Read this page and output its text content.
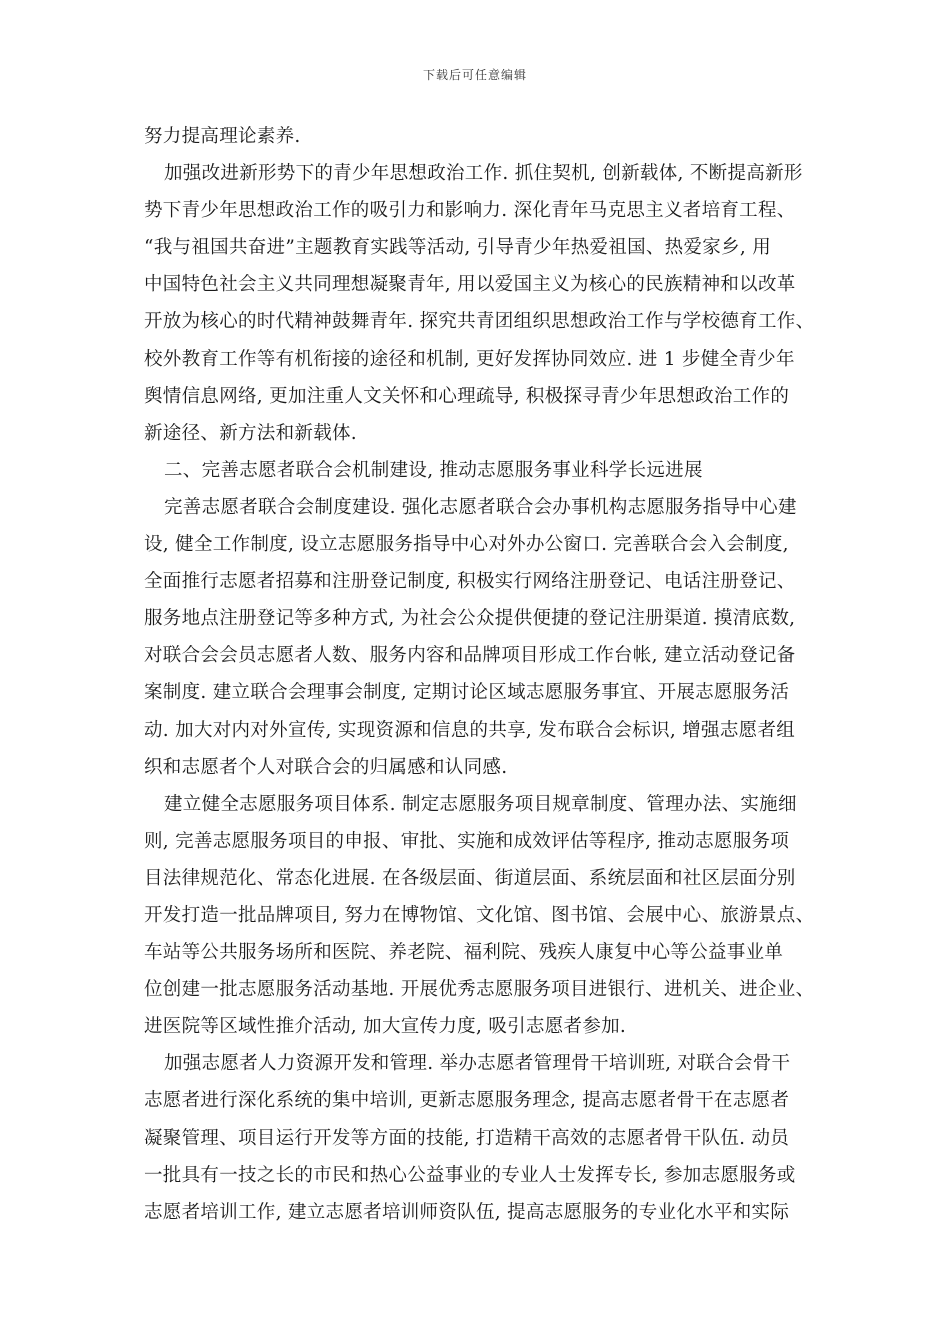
下载后可任意编辑
努力提高理论素养.
加强改进新形势下的青少年思想政治工作. 抓住契机, 创新载体, 不断提高新形
势下青少年思想政治工作的吸引力和影响力. 深化青年马克思主义者培育工程、
“我与祖国共奋进”主题教育实践等活动, 引导青少年热爱祖国、热爱家乡, 用
中国特色社会主义共同理想凝聚青年, 用以爱国主义为核心的民族精神和以改革
开放为核心的时代精神鼓舞青年. 探究共青团组织思想政治工作与学校德育工作、
校外教育工作等有机衔接的途径和机制, 更好发挥协同效应. 进 1 步健全青少年
舆情信息网络, 更加注重人文关怀和心理疏导, 积极探寻青少年思想政治工作的
新途径、新方法和新载体.
二、完善志愿者联合会机制建设, 推动志愿服务事业科学长远进展
完善志愿者联合会制度建设. 强化志愿者联合会办事机构志愿服务指导中心建
设, 健全工作制度, 设立志愿服务指导中心对外办公窗口. 完善联合会入会制度,
全面推行志愿者招募和注册登记制度, 积极实行网络注册登记、电话注册登记、
服务地点注册登记等多种方式, 为社会公众提供便捷的登记注册渠道. 摸清底数,
对联合会会员志愿者人数、服务内容和品牌项目形成工作台帐, 建立活动登记备
案制度. 建立联合会理事会制度, 定期讨论区域志愿服务事宜、开展志愿服务活
动. 加大对内对外宣传, 实现资源和信息的共享, 发布联合会标识, 增强志愿者组
织和志愿者个人对联合会的归属感和认同感.
建立健全志愿服务项目体系. 制定志愿服务项目规章制度、管理办法、实施细
则, 完善志愿服务项目的申报、审批、实施和成效评估等程序, 推动志愿服务项
目法律规范化、常态化进展. 在各级层面、街道层面、系统层面和社区层面分别
开发打造一批品牌项目, 努力在博物馆、文化馆、图书馆、会展中心、旅游景点、
车站等公共服务场所和医院、养老院、福利院、残疾人康复中心等公益事业单
位创建一批志愿服务活动基地. 开展优秀志愿服务项目进银行、进机关、进企业、
进医院等区域性推介活动, 加大宣传力度, 吸引志愿者参加.
加强志愿者人力资源开发和管理. 举办志愿者管理骨干培训班, 对联合会骨干
志愿者进行深化系统的集中培训, 更新志愿服务理念, 提高志愿者骨干在志愿者
凝聚管理、项目运行开发等方面的技能, 打造精干高效的志愿者骨干队伍. 动员
一批具有一技之长的市民和热心公益事业的专业人士发挥专长, 参加志愿服务或
志愿者培训工作, 建立志愿者培训师资队伍, 提高志愿服务的专业化水平和实际
